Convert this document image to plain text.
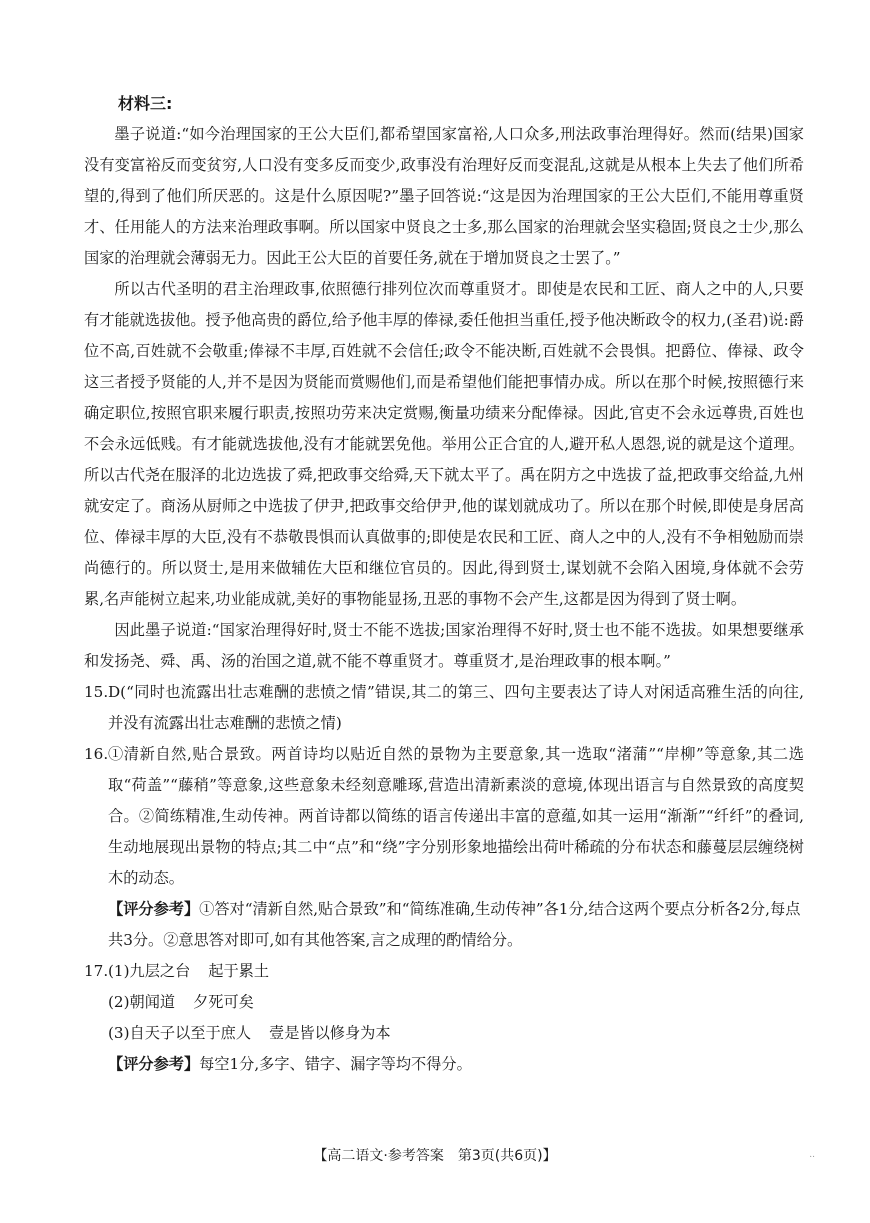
材料三:

墨子说道:“如今治理国家的王公大臣们,都希望国家富裕,人口众多,刑法政事治理得好。然而(结果)国家没有变富裕反而变贫穷,人口没有变多反而变少,政事没有治理好反而变混乱,这就是从根本上失去了他们所希望的,得到了他们所厌恶的。这是什么原因呢?”墨子回答说:“这是因为治理国家的王公大臣们,不能用尊重贤才、任用能人的方法来治理政事啊。所以国家中贤良之士多,那么国家的治理就会坚实稳固;贤良之士少,那么国家的治理就会薄弱无力。因此王公大臣的首要任务,就在于增加贤良之士罢了。”

所以古代圣明的君主治理政事,依照德行排列位次而尊重贤才。即使是农民和工匠、商人之中的人,只要有才能就选拔他。授予他高贵的爵位,给予他丰厚的俸禄,委任他担当重任,授予他决断政令的权力,(圣君)说:爵位不高,百姓就不会敬重;俸禄不丰厚,百姓就不会信任;政令不能决断,百姓就不会畏惧。把爵位、俸禄、政令这三者授予贤能的人,并不是因为贤能而赏赐他们,而是希望他们能把事情办成。所以在那个时候,按照德行来确定职位,按照官职来履行职责,按照功劳来决定赏赐,衡量功绩来分配俸禄。因此,官吏不会永远尊贵,百姓也不会永远低贱。有才能就选拔他,没有才能就罢免他。举用公正合宜的人,避开私人恩怨,说的就是这个道理。所以古代尧在服泽的北边选拔了舜,把政事交给舜,天下就太平了。禹在阴方之中选拔了益,把政事交给益,九州就安定了。商汤从厨师之中选拔了伊尹,把政事交给伊尹,他的谋划就成功了。所以在那个时候,即使是身居高位、俸禄丰厚的大臣,没有不恭敬畏惧而认真做事的;即使是农民和工匠、商人之中的人,没有不争相勉励而崇尚德行的。所以贤士,是用来做辅佐大臣和继位官员的。因此,得到贤士,谋划就不会陷入困境,身体就不会劳累,名声能树立起来,功业能成就,美好的事物能显扬,丑恶的事物不会产生,这都是因为得到了贤士啊。

因此墨子说道:“国家治理得好时,贤士不能不选拔;国家治理得不好时,贤士也不能不选拔。如果想要继承和发扬尧、舜、禹、汤的治国之道,就不能不尊重贤才。尊重贤才,是治理政事的根本啊。”

15. D(“同时也流露出壮志难酬的悲愤之情”错误,其二的第三、四句主要表达了诗人对闲适高雅生活的向往,并没有流露出壮志难酬的悲愤之情)
16. ①清新自然,贴合景致。两首诗均以贴近自然的景物为主要意象,其一选取“渚蒲”“岸柳”等意象,其二选取“荷盖”“藤稍”等意象,这些意象未经刻意雕琢,营造出清新素淡的意境,体现出语言与自然景致的高度契合。②简练精准,生动传神。两首诗都以简练的语言传递出丰富的意蕴,如其一运用“渐渐”“纤纤”的叠词,生动地展现出景物的特点;其二中“点”和“绕”字分别形象地描绘出荷叶稀疏的分布状态和藤蔓层层缠绕树木的动态。
【评分参考】①答对“清新自然,贴合景致”和“简练准确,生动传神”各1分,结合这两个要点分析各2分,每点共3分。②意思答对即可,如有其他答案,言之成理的酌情给分。
17. (1)九层之台 起于累土
(2)朝闻道 夕死可矣
(3)自天子以至于庶人 壹是皆以修身为本
【评分参考】每空1分,多字、错字、漏字等均不得分。
【高二语文·参考答案　第3页(共6页)】	..
